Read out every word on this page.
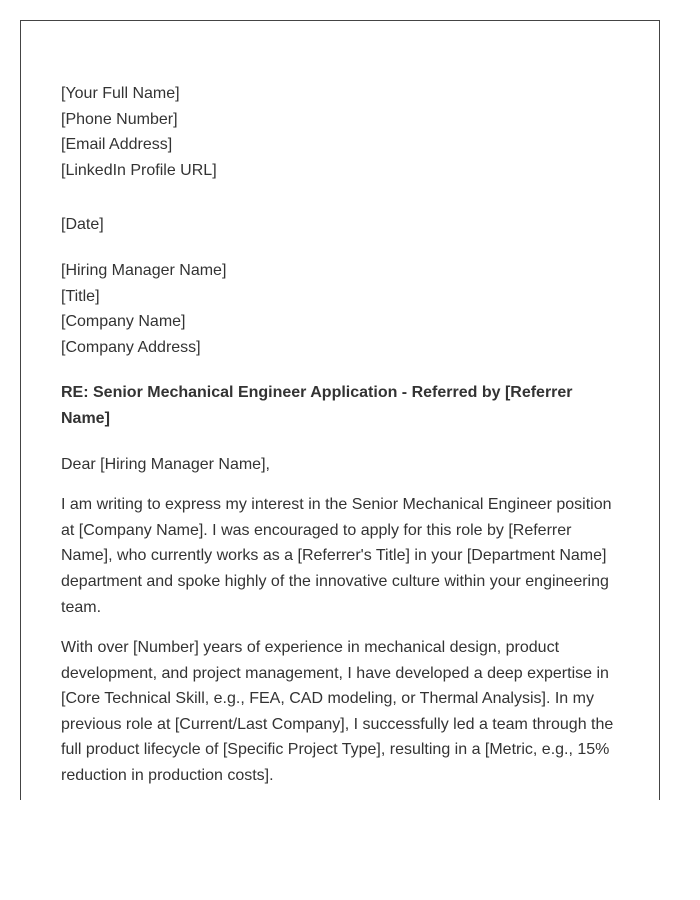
[Your Full Name]
[Phone Number]
[Email Address]
[LinkedIn Profile URL]
[Date]
[Hiring Manager Name]
[Title]
[Company Name]
[Company Address]

RE: Senior Mechanical Engineer Application - Referred by [Referrer Name]

Dear [Hiring Manager Name],

I am writing to express my interest in the Senior Mechanical Engineer position at [Company Name]. I was encouraged to apply for this role by [Referrer Name], who currently works as a [Referrer's Title] in your [Department Name] department and spoke highly of the innovative culture within your engineering team.

With over [Number] years of experience in mechanical design, product development, and project management, I have developed a deep expertise in [Core Technical Skill, e.g., FEA, CAD modeling, or Thermal Analysis]. In my previous role at [Current/Last Company], I successfully led a team through the full product lifecycle of [Specific Project Type], resulting in a [Metric, e.g., 15% reduction in production costs].
